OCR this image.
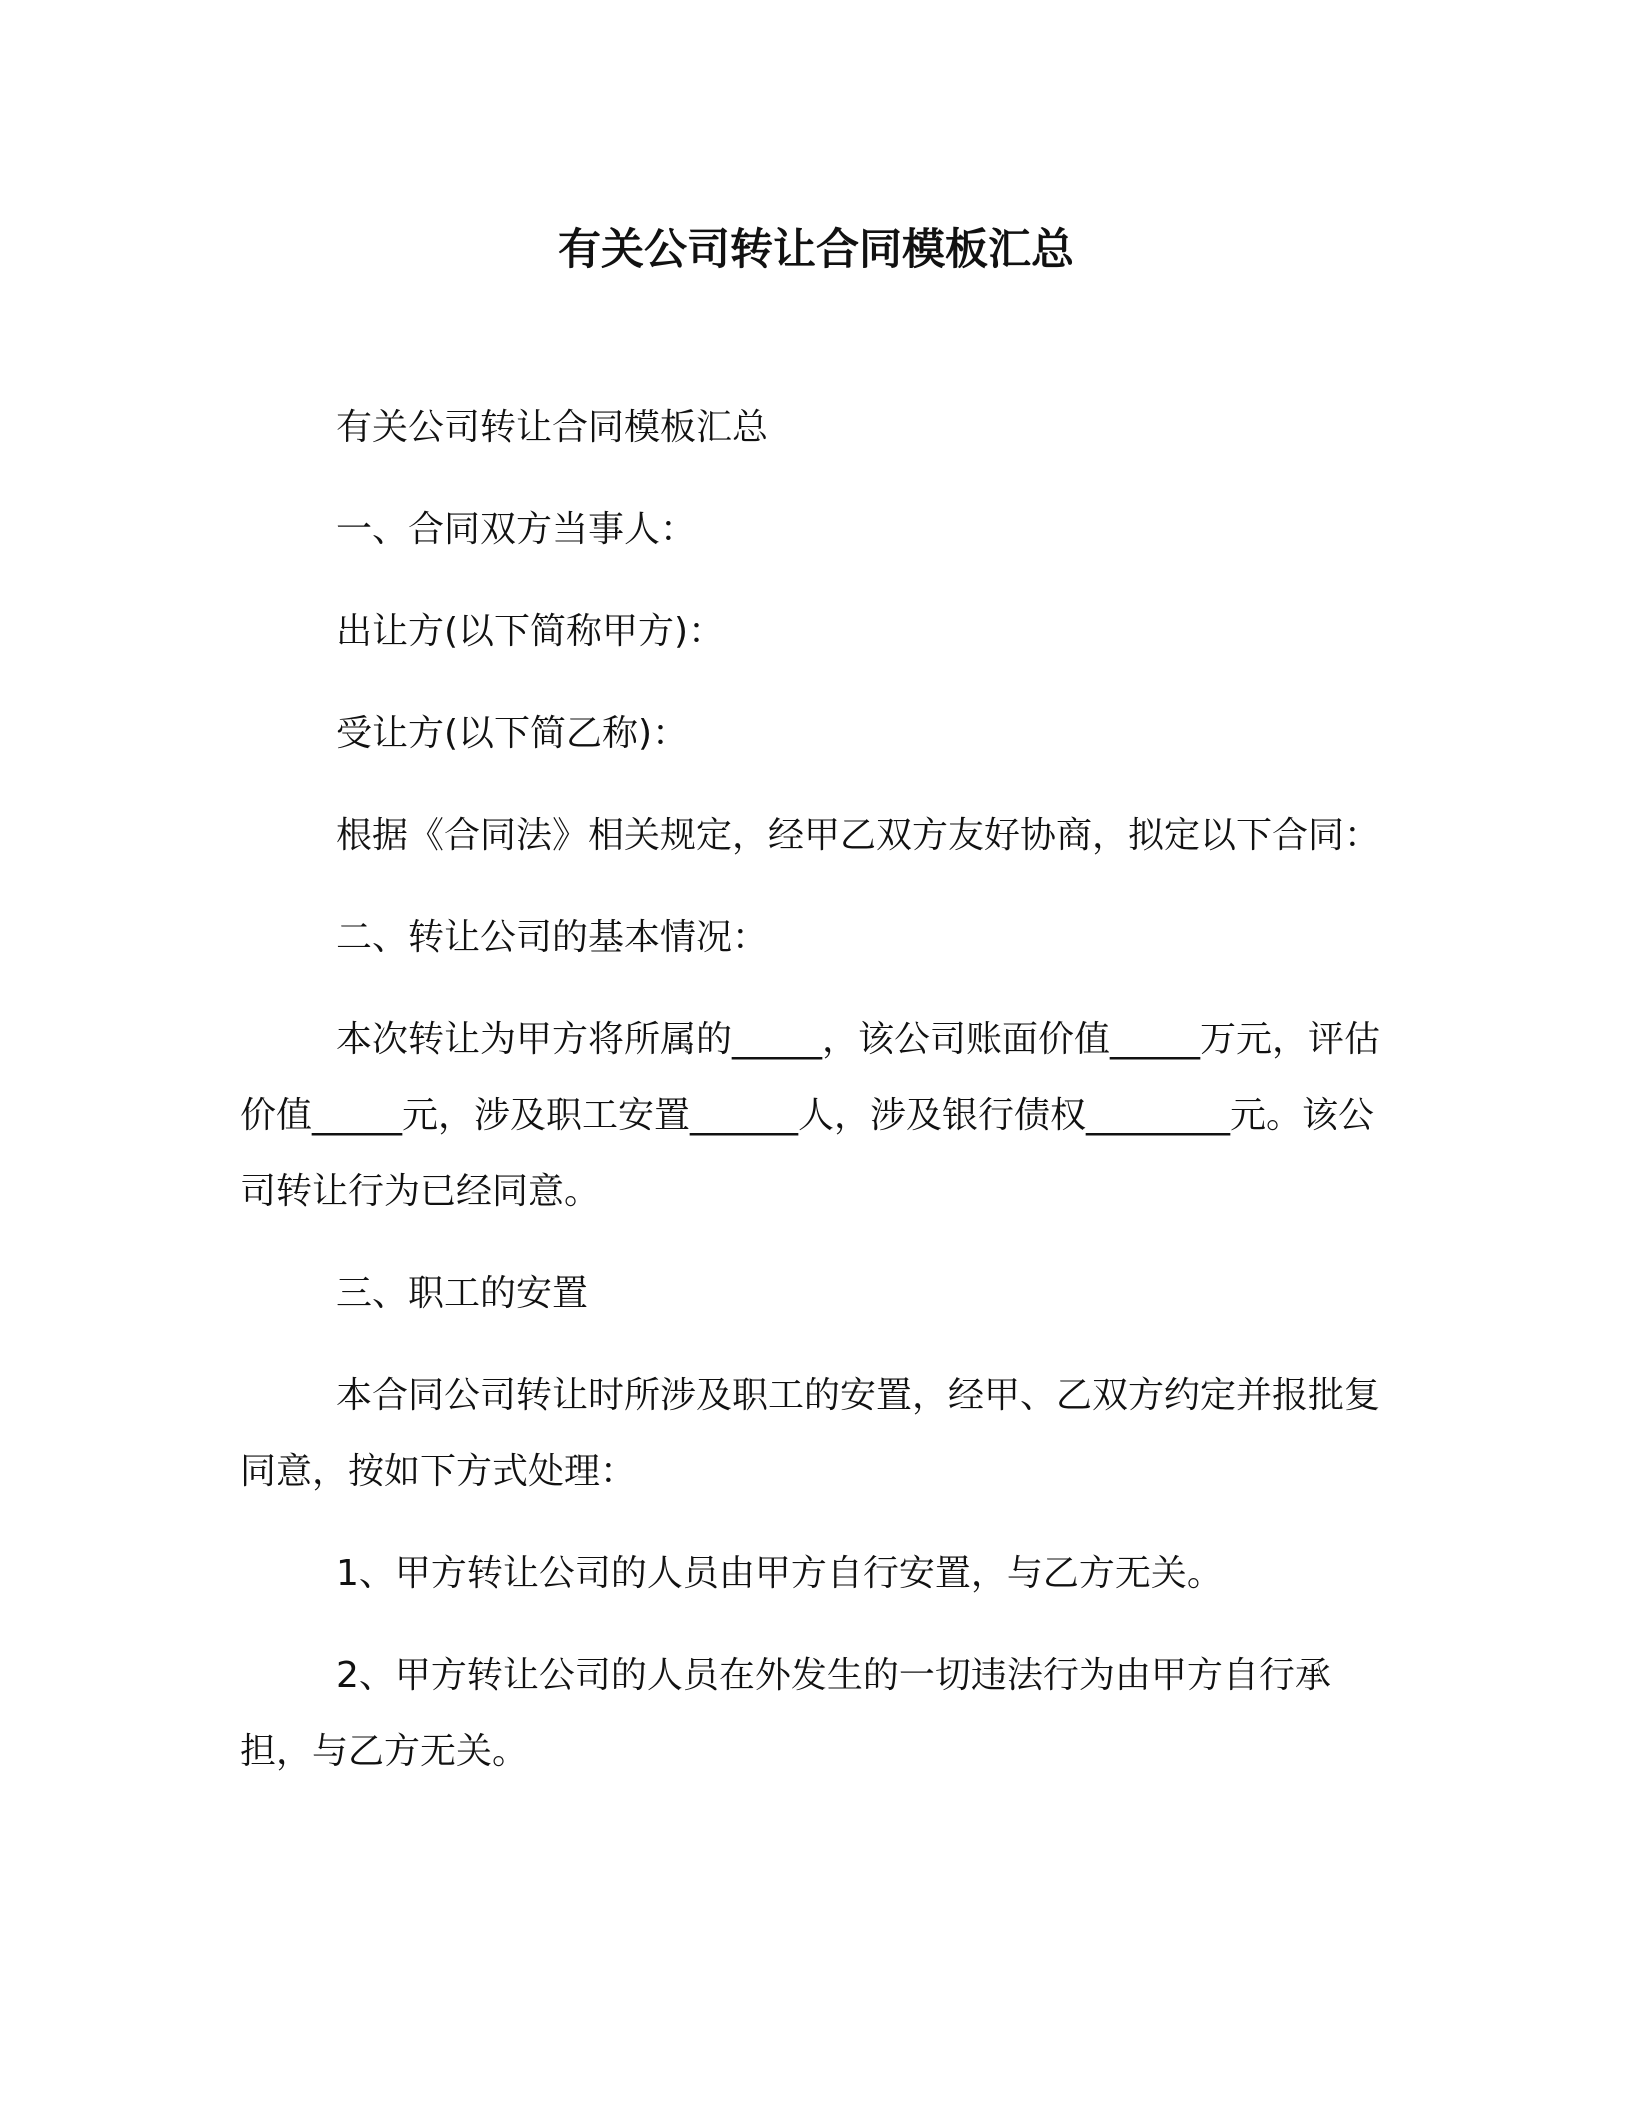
有关公司转让合同模板汇总

有关公司转让合同模板汇总

一、合同双方当事人：

出让方(以下简称甲方)：

受让方(以下简乙称)：

根据《合同法》相关规定，经甲乙双方友好协商，拟定以下合同：

二、转让公司的基本情况：

本次转让为甲方将所属的_____，该公司账面价值_____万元，评估价值_____元，涉及职工安置______人，涉及银行债权________元。该公司转让行为已经同意。

三、职工的安置

本合同公司转让时所涉及职工的安置，经甲、乙双方约定并报批复同意，按如下方式处理：

1、甲方转让公司的人员由甲方自行安置，与乙方无关。

2、甲方转让公司的人员在外发生的一切违法行为由甲方自行承担，与乙方无关。
